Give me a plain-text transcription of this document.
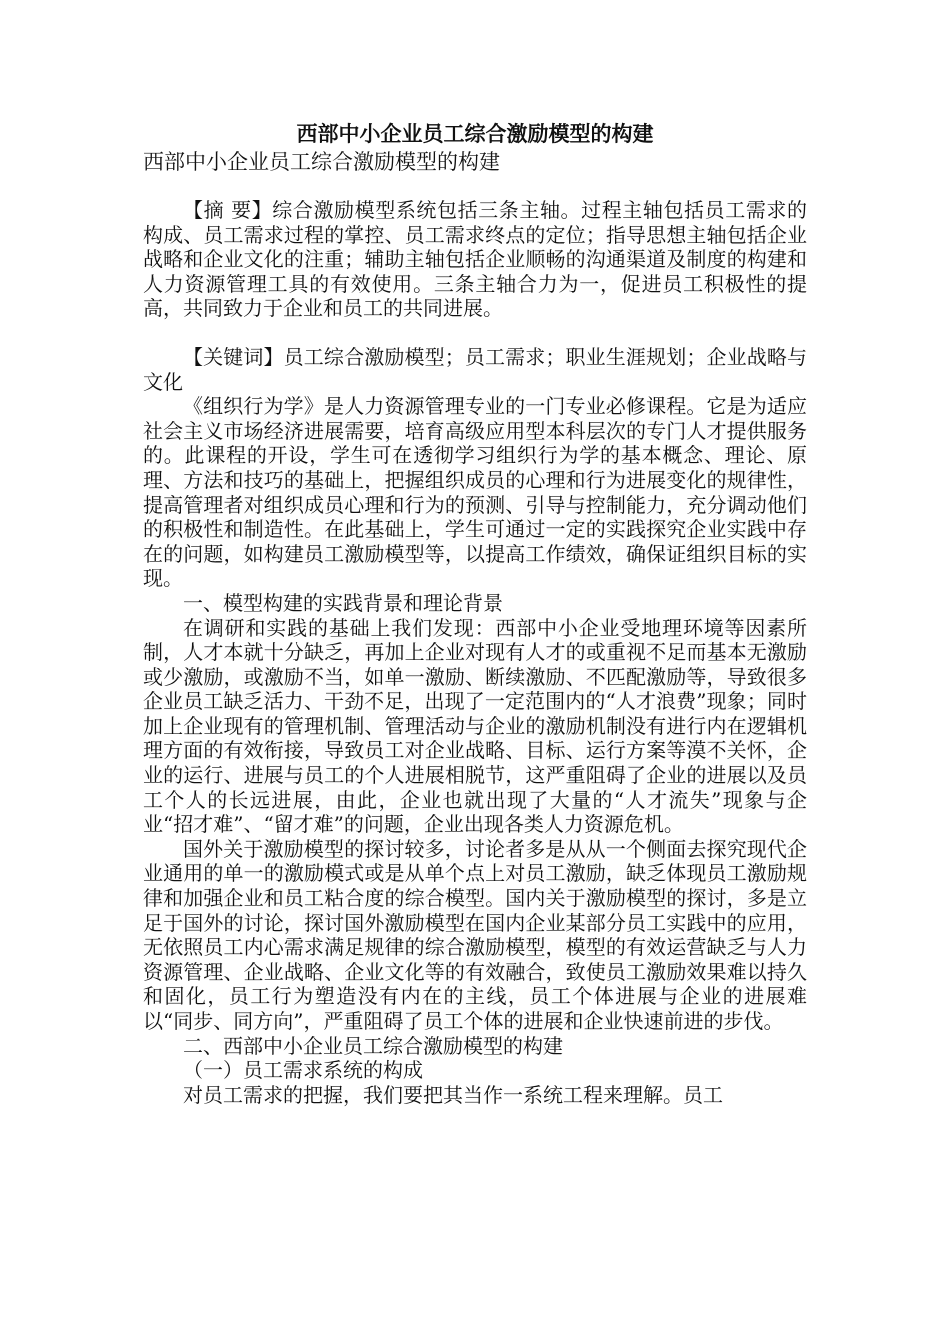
西部中小企业员工综合激励模型的构建

西部中小企业员工综合激励模型的构建

【摘 要】综合激励模型系统包括三条主轴。过程主轴包括员工需求的构成、员工需求过程的掌控、员工需求终点的定位；指导思想主轴包括企业战略和企业文化的注重；辅助主轴包括企业顺畅的沟通渠道及制度的构建和人力资源管理工具的有效使用。三条主轴合力为一，促进员工积极性的提高，共同致力于企业和员工的共同进展。

【关键词】员工综合激励模型；员工需求；职业生涯规划；企业战略与文化

《组织行为学》是人力资源管理专业的一门专业必修课程。它是为适应社会主义市场经济进展需要，培育高级应用型本科层次的专门人才提供服务的。此课程的开设，学生可在透彻学习组织行为学的基本概念、理论、原理、方法和技巧的基础上，把握组织成员的心理和行为进展变化的规律性，提高管理者对组织成员心理和行为的预测、引导与控制能力，充分调动他们的积极性和制造性。在此基础上，学生可通过一定的实践探究企业实践中存在的问题，如构建员工激励模型等，以提高工作绩效，确保证组织目标的实现。

一、模型构建的实践背景和理论背景

在调研和实践的基础上我们发现：西部中小企业受地理环境等因素所制，人才本就十分缺乏，再加上企业对现有人才的或重视不足而基本无激励或少激励，或激励不当，如单一激励、断续激励、不匹配激励等，导致很多企业员工缺乏活力、干劲不足，出现了一定范围内的“人才浪费”现象；同时加上企业现有的管理机制、管理活动与企业的激励机制没有进行内在逻辑机理方面的有效衔接，导致员工对企业战略、目标、运行方案等漠不关怀，企业的运行、进展与员工的个人进展相脱节，这严重阻碍了企业的进展以及员工个人的长远进展，由此，企业也就出现了大量的“人才流失”现象与企业“招才难”、“留才难”的问题，企业出现各类人力资源危机。

国外关于激励模型的探讨较多，讨论者多是从从一个侧面去探究现代企业通用的单一的激励模式或是从单个点上对员工激励，缺乏体现员工激励规律和加强企业和员工粘合度的综合模型。国内关于激励模型的探讨，多是立足于国外的讨论，探讨国外激励模型在国内企业某部分员工实践中的应用，无依照员工内心需求满足规律的综合激励模型，模型的有效运营缺乏与人力资源管理、企业战略、企业文化等的有效融合，致使员工激励效果难以持久和固化，员工行为塑造没有内在的主线，员工个体进展与企业的进展难以“同步、同方向”，严重阻碍了员工个体的进展和企业快速前进的步伐。

二、西部中小企业员工综合激励模型的构建

（一）员工需求系统的构成

对员工需求的把握，我们要把其当作一系统工程来理解。员工
